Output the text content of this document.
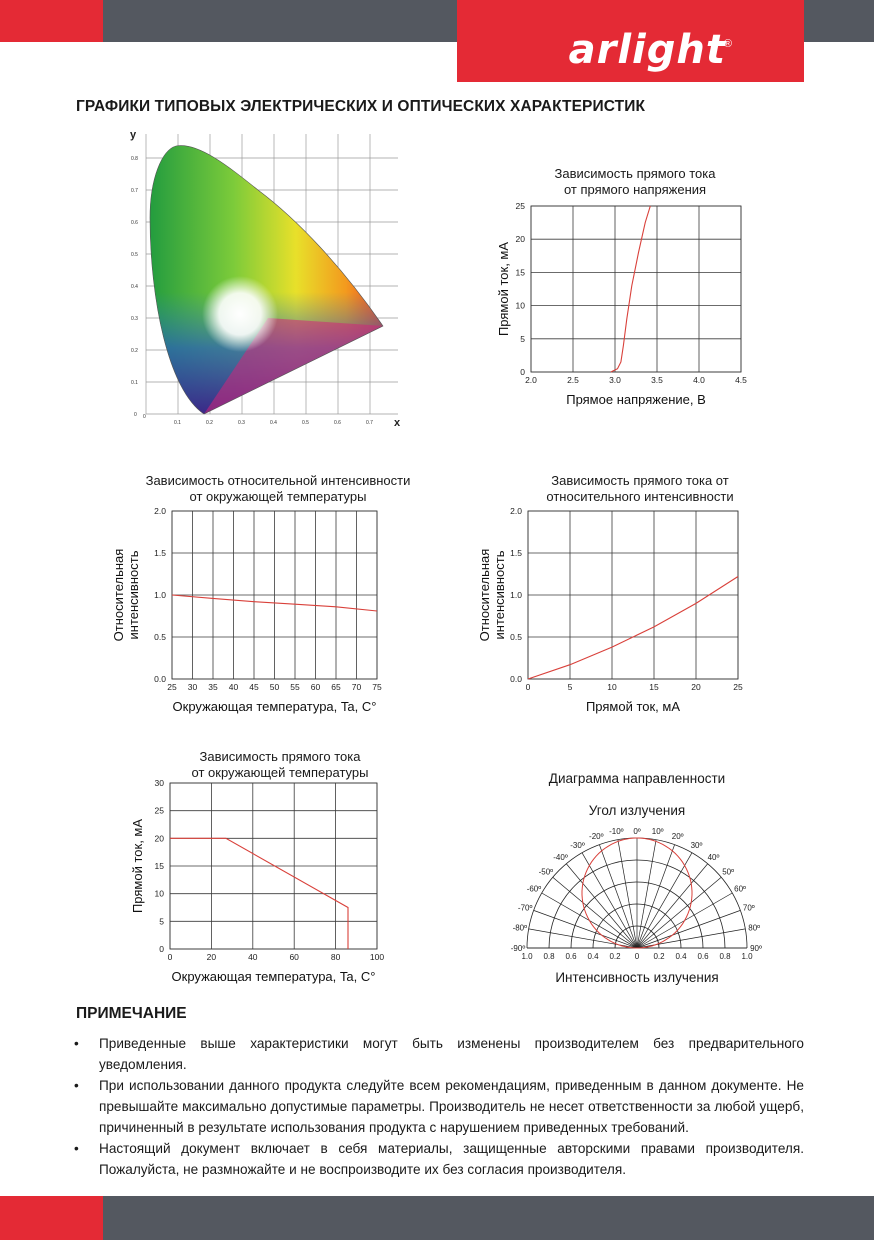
arlight
®
ГРАФИКИ ТИПОВЫХ ЭЛЕКТРИЧЕСКИХ И ОПТИЧЕСКИХ ХАРАКТЕРИСТИК
0
0.1	0.2	0.3	0.4	0.5	0.6	0.7
0.8
0.7
0.6
0.5
0.4
0.3
0.2
0.1
0
y
x
Зависимость прямого тока
от прямого напряжения
2.0	2.5	3.0	3.5	4.0	4.5
0
5
10
15
20
25
Прямое напряжение, В
Прямой ток, мА
Зависимость относительной интенсивности
от окружающей температуры
25 30 35 40 45 50 55 60 65 70 75
0.0
0.5
1.0
1.5
2.0
Окружающая температура, Ta, С°
Относительная интенсивность
Зависимость прямого тока от
относительного интенсивности
0	5	10	15	20	25
0.0
0.5
1.0
1.5
2.0
Прямой ток, мА
Относительная интенсивность
Зависимость прямого тока
от окружающей температуры
0	20	40	60	80	100
0
5
10
15
20
25
30
Окружающая температура, Ta, С°
Прямой ток, мА
Диаграмма направленности
Угол излучения
10º
20º
30º
40º
50º
60º
70º
80º
90º
-10º
-20º
-30º
-40º
-50º
-60º
-70º
-80º
-90º
0º
1.0 0.8 0.6 0.4 0.2 0 0.2 0.4 0.6 0.8 1.0
Интенсивность излучения
ПРИМЕЧАНИЕ
• Приведенные выше характеристики могут быть изменены производителем без предварительного уведомления.
• При использовании данного продукта следуйте всем рекомендациям, приведенным в данном документе. Не превышайте максимально допустимые параметры. Производитель не несет ответственности за любой ущерб, причиненный в результате использования продукта с нарушением приведенных требований.
• Настоящий документ включает в себя материалы, защищенные авторскими правами производителя. Пожалуйста, не размножайте и не воспроизводите их без согласия производителя.
